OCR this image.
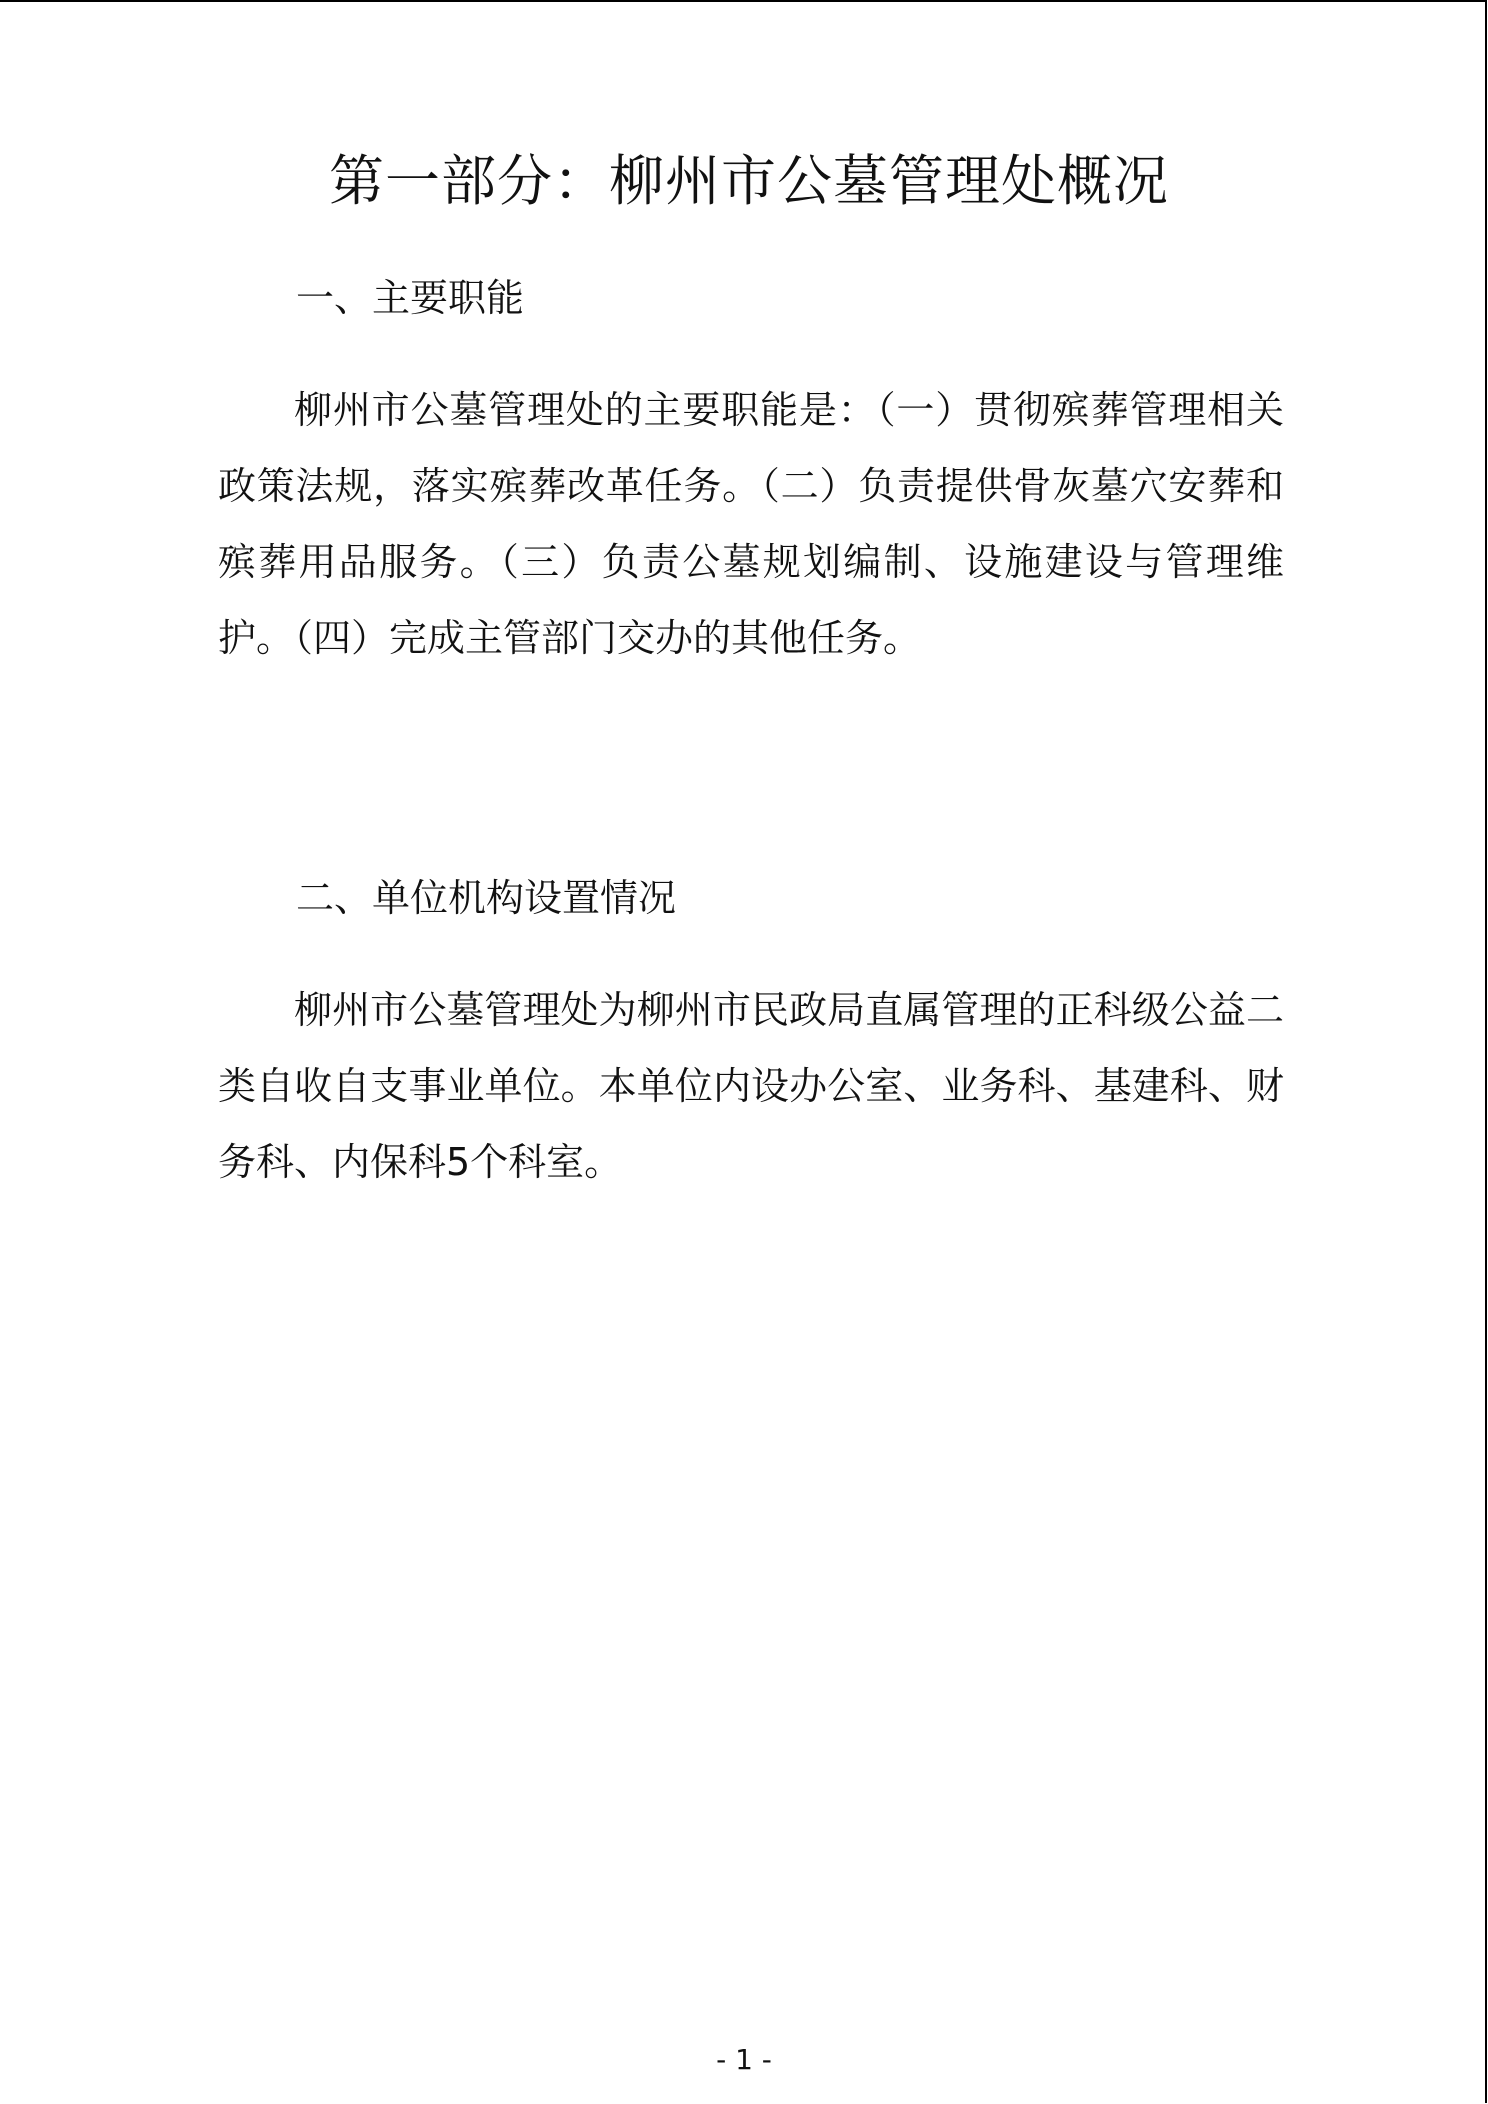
第一部分：柳州市公墓管理处概况
一、主要职能

柳州市公墓管理处的主要职能是：（一）贯彻殡葬管理相关政策法规，落实殡葬改革任务。（二）负责提供骨灰墓穴安葬和殡葬用品服务。（三）负责公墓规划编制、设施建设与管理维护。（四）完成主管部门交办的其他任务。

二、单位机构设置情况

柳州市公墓管理处为柳州市民政局直属管理的正科级公益二类自收自支事业单位。本单位内设办公室、业务科、基建科、财务科、内保科5个科室。

- 1 -
